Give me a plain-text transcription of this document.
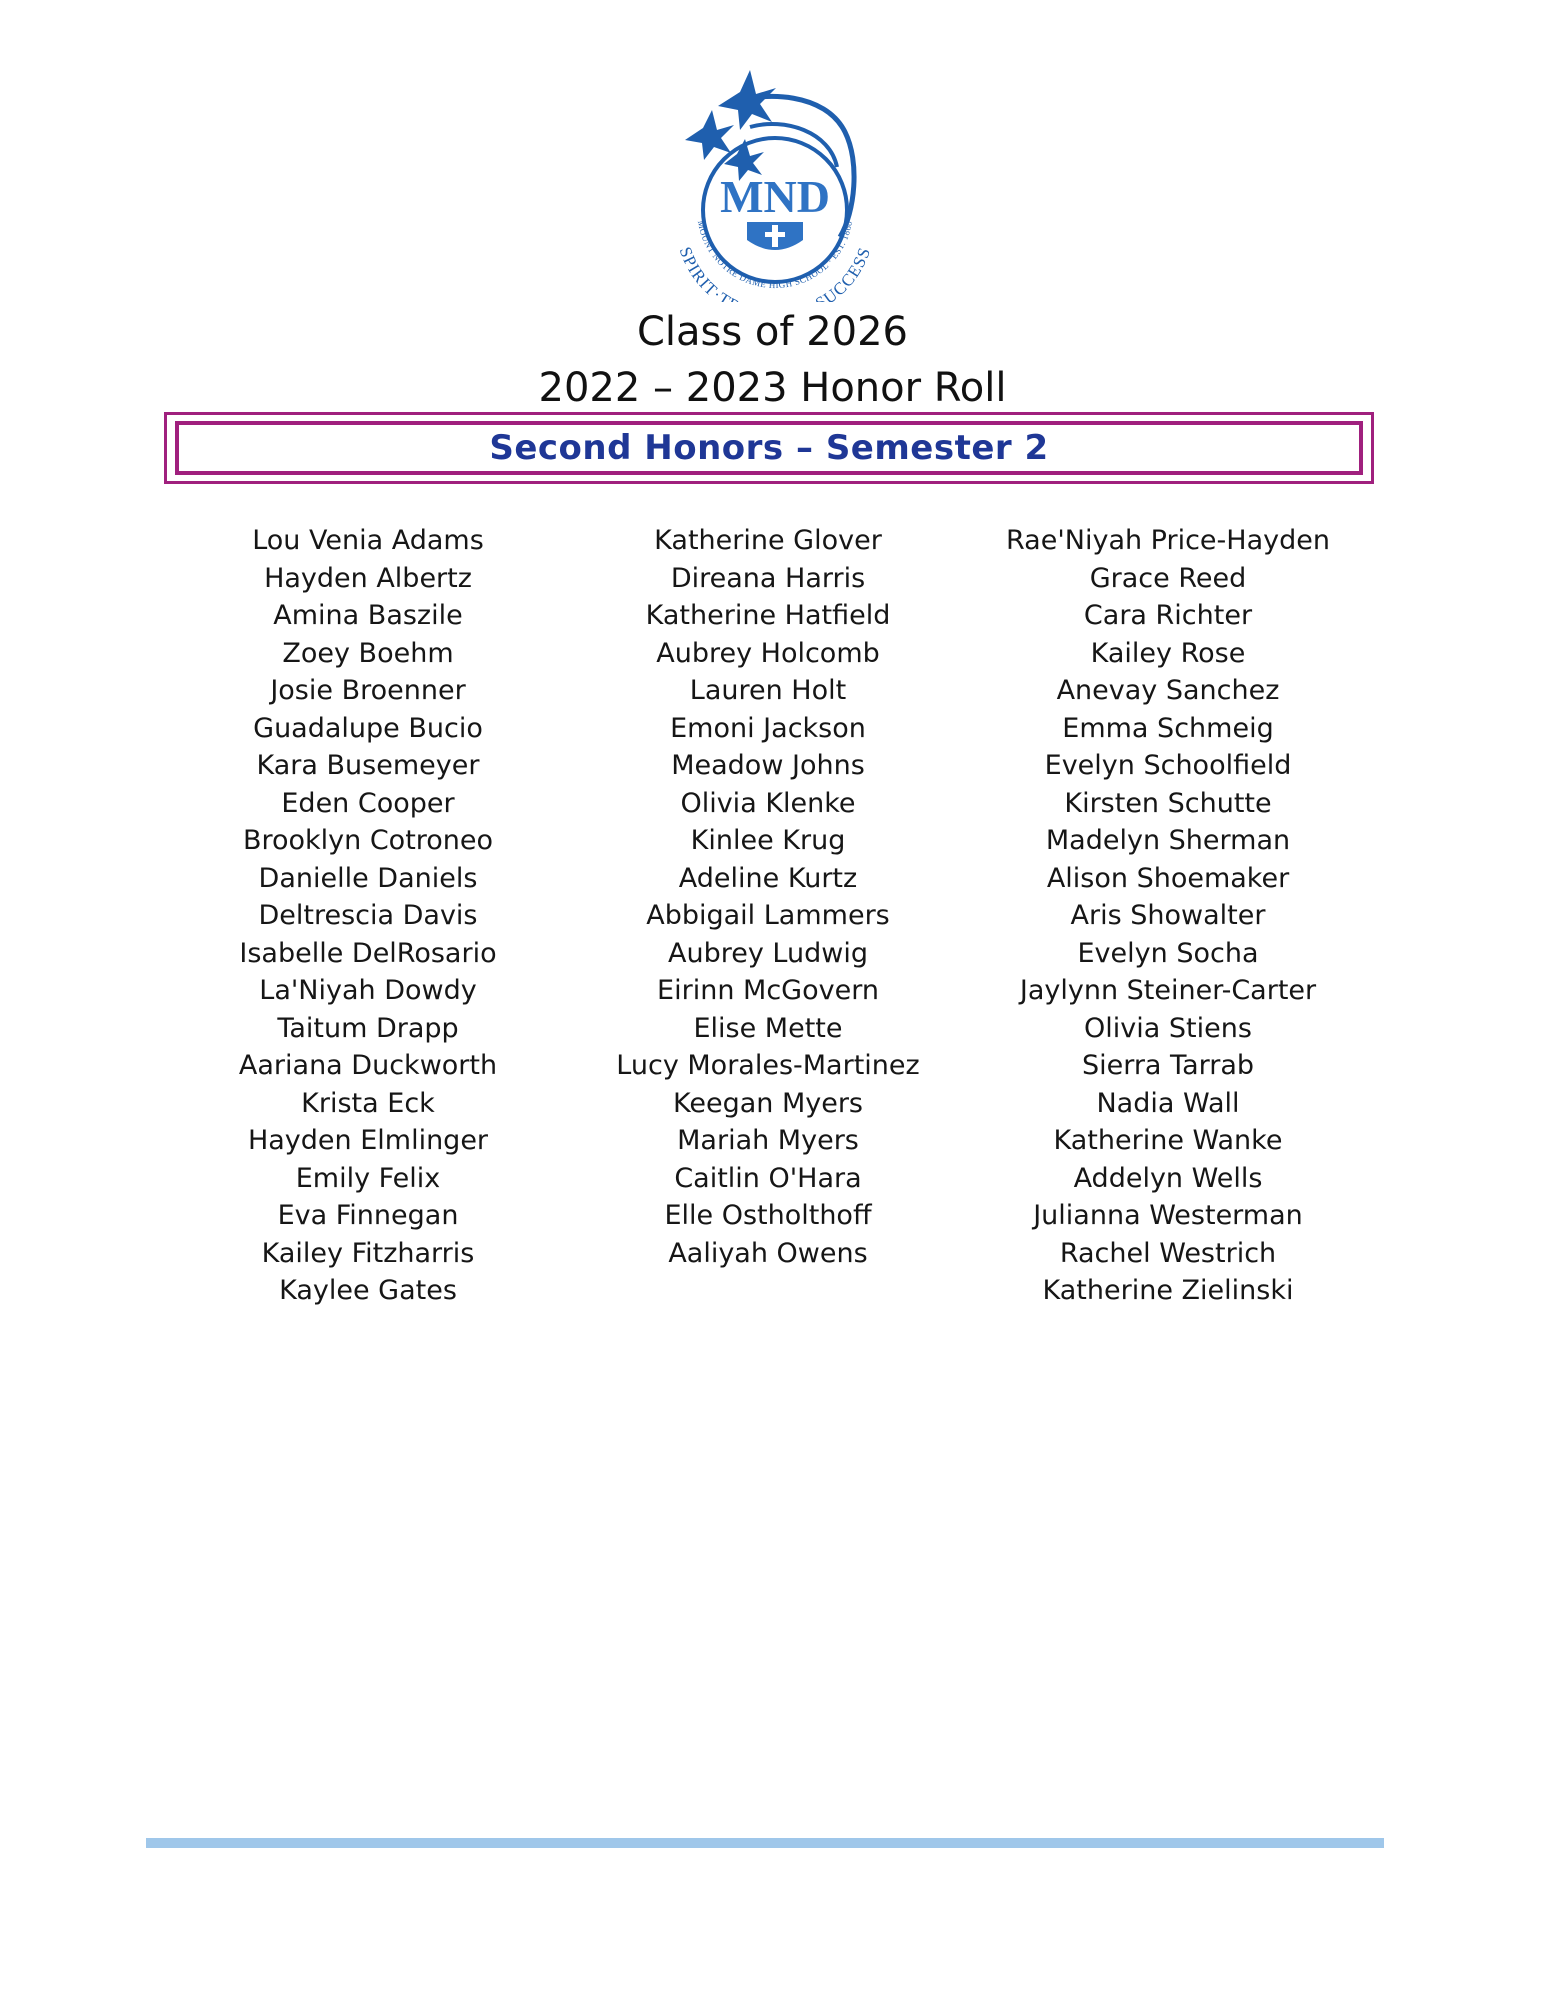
MND
MOUNT NOTRE DAME HIGH SCHOOL · EST. 1860
SPIRIT·T UCCESS
Class of 2026
2022 – 2023 Honor Roll
Second Honors – Semester 2
Lou Venia Adams
Hayden Albertz
Amina Baszile
Zoey Boehm
Josie Broenner
Guadalupe Bucio
Kara Busemeyer
Eden Cooper
Brooklyn Cotroneo
Danielle Daniels
Deltrescia Davis
Isabelle DelRosario
La'Niyah Dowdy
Taitum Drapp
Aariana Duckworth
Krista Eck
Hayden Elmlinger
Emily Felix
Eva Finnegan
Kailey Fitzharris
Kaylee Gates
Katherine Glover
Direana Harris
Katherine Hatfield
Aubrey Holcomb
Lauren Holt
Emoni Jackson
Meadow Johns
Olivia Klenke
Kinlee Krug
Adeline Kurtz
Abbigail Lammers
Aubrey Ludwig
Eirinn McGovern
Elise Mette
Lucy Morales-Martinez
Keegan Myers
Mariah Myers
Caitlin O'Hara
Elle Ostholthoff
Aaliyah Owens
Rae'Niyah Price-Hayden
Grace Reed
Cara Richter
Kailey Rose
Anevay Sanchez
Emma Schmeig
Evelyn Schoolfield
Kirsten Schutte
Madelyn Sherman
Alison Shoemaker
Aris Showalter
Evelyn Socha
Jaylynn Steiner-Carter
Olivia Stiens
Sierra Tarrab
Nadia Wall
Katherine Wanke
Addelyn Wells
Julianna Westerman
Rachel Westrich
Katherine Zielinski
